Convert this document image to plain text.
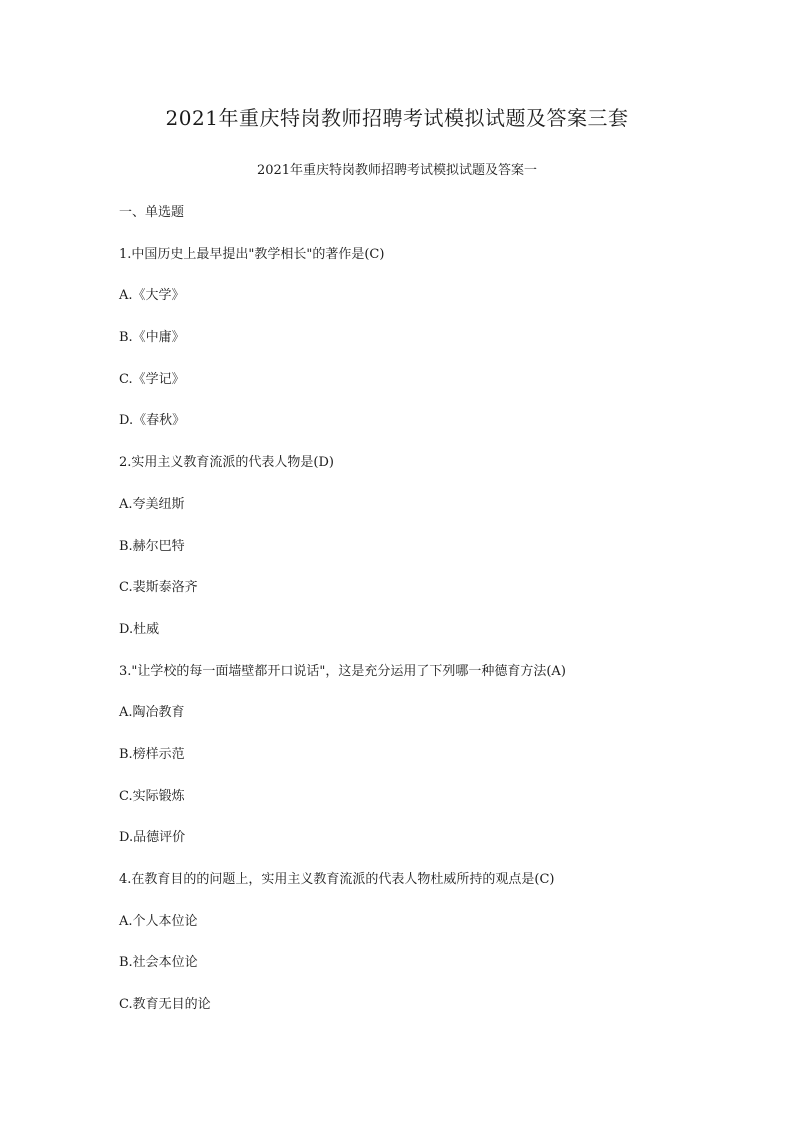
2021年重庆特岗教师招聘考试模拟试题及答案三套
2021年重庆特岗教师招聘考试模拟试题及答案一
一、单选题
1.中国历史上最早提出"教学相长"的著作是(C)
A.《大学》
B.《中庸》
C.《学记》
D.《春秋》
2.实用主义教育流派的代表人物是(D)
A.夸美纽斯
B.赫尔巴特
C.裴斯泰洛齐
D.杜威
3."让学校的每一面墙壁都开口说话"，这是充分运用了下列哪一种德育方法(A)
A.陶冶教育
B.榜样示范
C.实际锻炼
D.品德评价
4.在教育目的的问题上，实用主义教育流派的代表人物杜威所持的观点是(C)
A.个人本位论
B.社会本位论
C.教育无目的论
